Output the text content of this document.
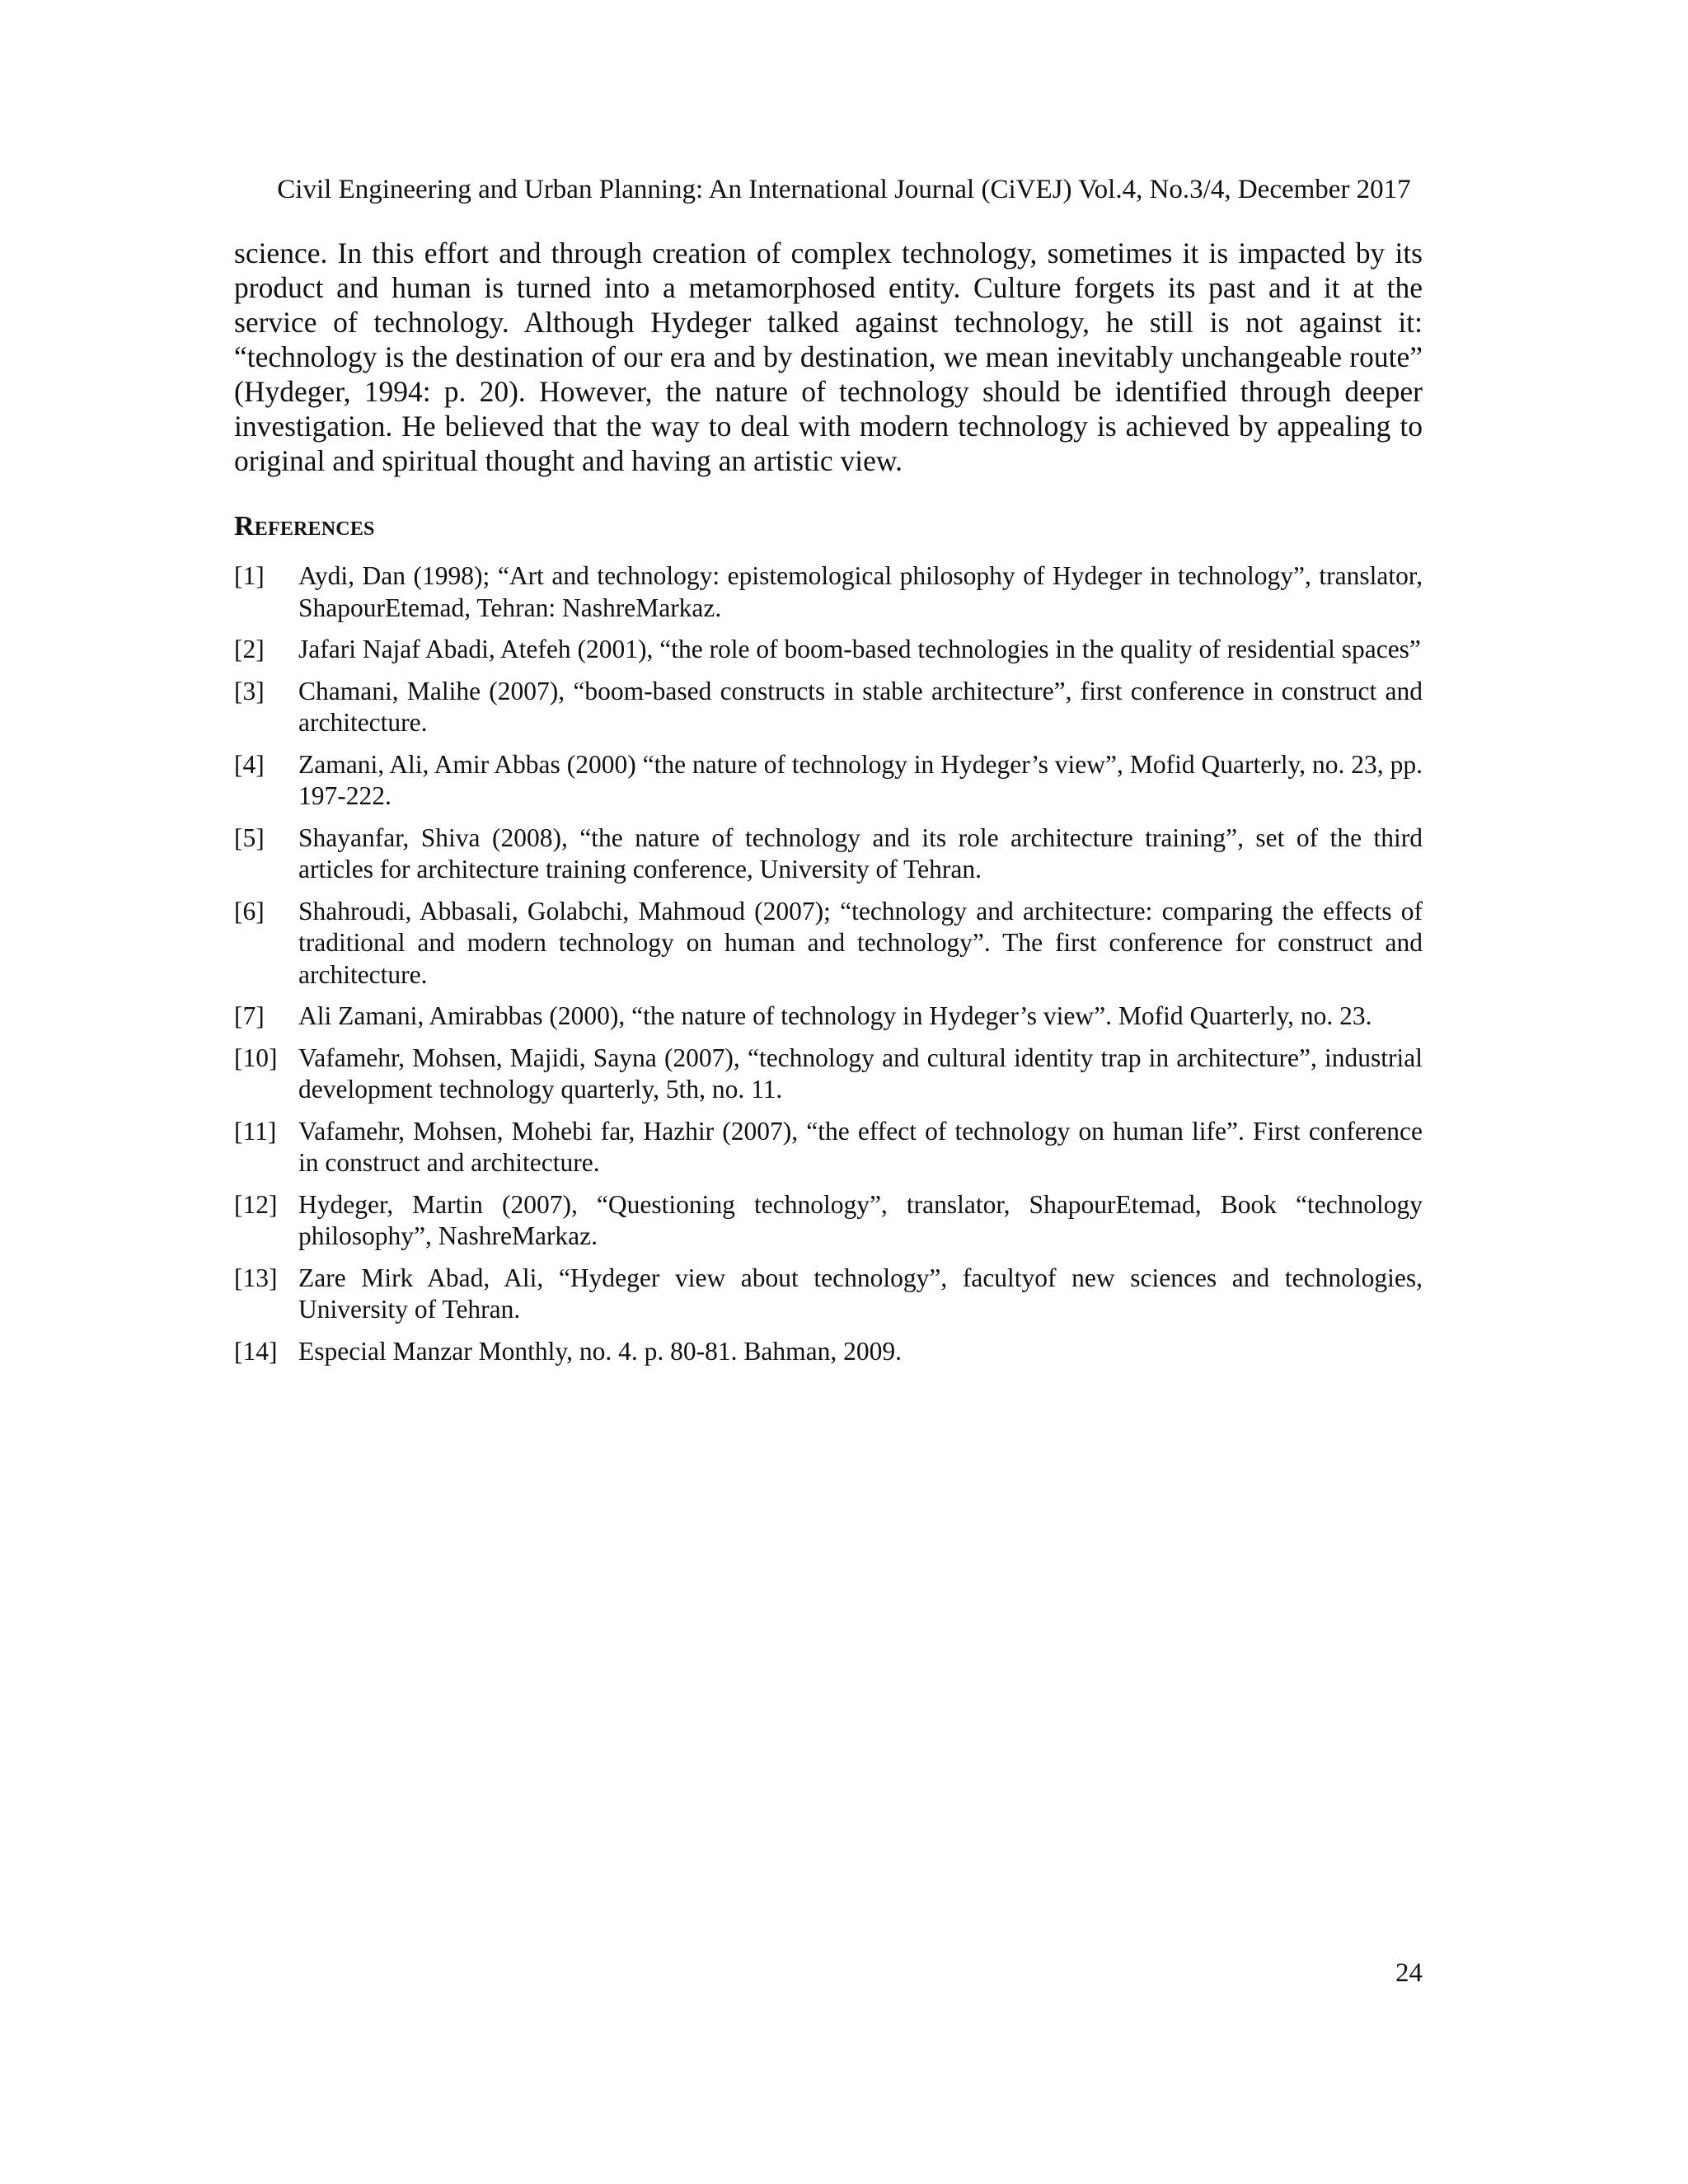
Civil Engineering and Urban Planning: An International Journal (CiVEJ) Vol.4, No.3/4, December 2017

science. In this effort and through creation of complex technology, sometimes it is impacted by its product and human is turned into a metamorphosed entity. Culture forgets its past and it at the service of technology. Although Hydeger talked against technology, he still is not against it: “technology is the destination of our era and by destination, we mean inevitably unchangeable route” (Hydeger, 1994: p. 20). However, the nature of technology should be identified through deeper investigation. He believed that the way to deal with modern technology is achieved by appealing to original and spiritual thought and having an artistic view.

References
[1] Aydi, Dan (1998); “Art and technology: epistemological philosophy of Hydeger in technology”, translator, ShapourEtemad, Tehran: NashreMarkaz.
[2] Jafari Najaf Abadi, Atefeh (2001), “the role of boom-based technologies in the quality of residential spaces”
[3] Chamani, Malihe (2007), “boom-based constructs in stable architecture”, first conference in construct and architecture.
[4] Zamani, Ali, Amir Abbas (2000) “the nature of technology in Hydeger’s view”, Mofid Quarterly, no. 23, pp. 197-222.
[5] Shayanfar, Shiva (2008), “the nature of technology and its role architecture training”, set of the third articles for architecture training conference, University of Tehran.
[6] Shahroudi, Abbasali, Golabchi, Mahmoud (2007); “technology and architecture: comparing the effects of traditional and modern technology on human and technology”. The first conference for construct and architecture.
[7] Ali Zamani, Amirabbas (2000), “the nature of technology in Hydeger’s view”. Mofid Quarterly, no. 23.
[10] Vafamehr, Mohsen, Majidi, Sayna (2007), “technology and cultural identity trap in architecture”, industrial development technology quarterly, 5th, no. 11.
[11] Vafamehr, Mohsen, Mohebi far, Hazhir (2007), “the effect of technology on human life”. First conference in construct and architecture.
[12] Hydeger, Martin (2007), “Questioning technology”, translator, ShapourEtemad, Book “technology philosophy”, NashreMarkaz.
[13] Zare Mirk Abad, Ali, “Hydeger view about technology”, facultyof new sciences and technologies, University of Tehran.
[14] Especial Manzar Monthly, no. 4. p. 80-81. Bahman, 2009.
24
